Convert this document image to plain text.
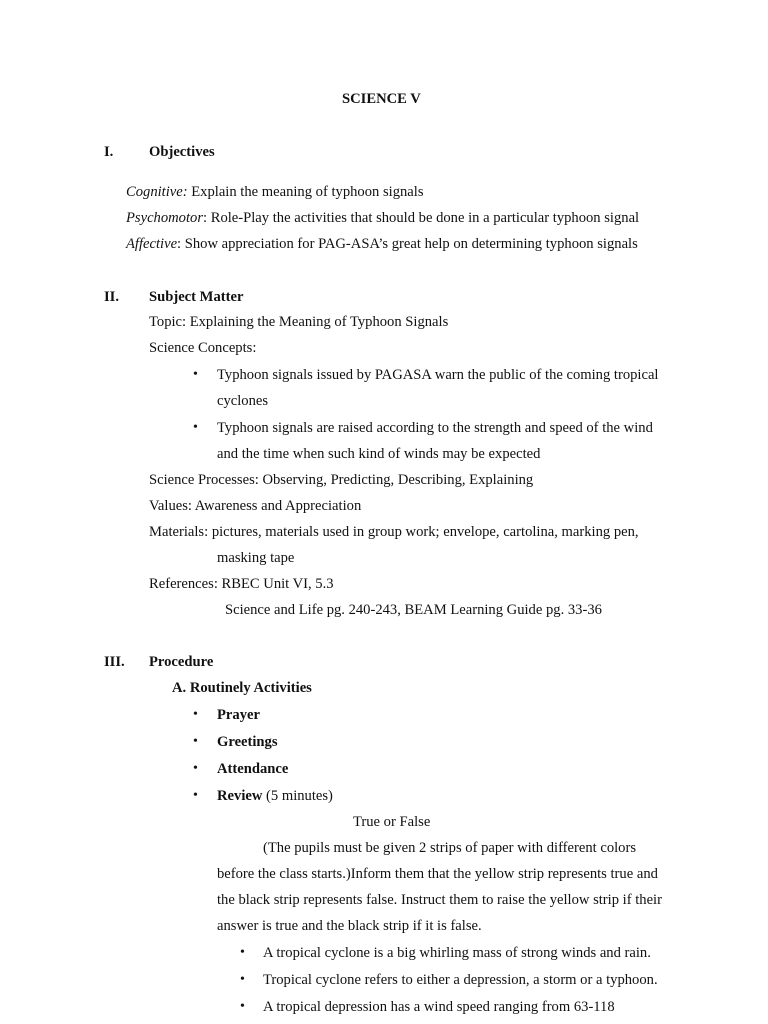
SCIENCE V
I. Objectives
Cognitive: Explain the meaning of typhoon signals
Psychomotor: Role-Play the activities that should be done in a particular typhoon signal
Affective: Show appreciation for PAG-ASA’s great help on determining typhoon signals
II. Subject Matter
Topic: Explaining the Meaning of Typhoon Signals
Science Concepts:
• Typhoon signals issued by PAGASA warn the public of the coming tropical
cyclones
• Typhoon signals are raised according to the strength and speed of the wind
and the time when such kind of winds may be expected
Science Processes: Observing, Predicting, Describing, Explaining
Values: Awareness and Appreciation
Materials: pictures, materials used in group work; envelope, cartolina, marking pen,
masking tape
References: RBEC Unit VI, 5.3
Science and Life pg. 240-243, BEAM Learning Guide pg. 33-36
III. Procedure
A. Routinely Activities
• Prayer
• Greetings
• Attendance
• Review (5 minutes)
True or False
(The pupils must be given 2 strips of paper with different colors
before the class starts.)Inform them that the yellow strip represents true and
the black strip represents false. Instruct them to raise the yellow strip if their
answer is true and the black strip if it is false.
• A tropical cyclone is a big whirling mass of strong winds and rain.
• Tropical cyclone refers to either a depression, a storm or a typhoon.
• A tropical depression has a wind speed ranging from 63-118
